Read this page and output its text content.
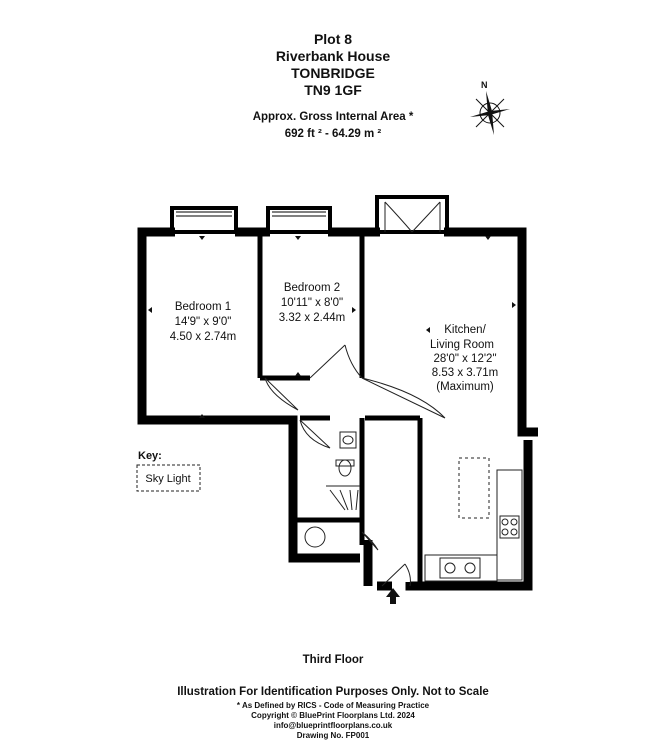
Plot 8
Riverbank House
TONBRIDGE
TN9 1GF
Approx. Gross Internal Area *
692 ft ² - 64.29 m ²
N
Bedroom 1
14'9" x 9'0"
4.50 x 2.74m
Bedroom 2
10'11" x 8'0"
3.32 x 2.44m
Kitchen/
Living Room
28'0" x 12'2"
8.53 x 3.71m
(Maximum)
Key:
Sky Light
Third Floor
Illustration For Identification Purposes Only. Not to Scale
* As Defined by RICS - Code of Measuring Practice
Copyright © BluePrint Floorplans Ltd. 2024
info@blueprintfloorplans.co.uk
Drawing No. FP001
